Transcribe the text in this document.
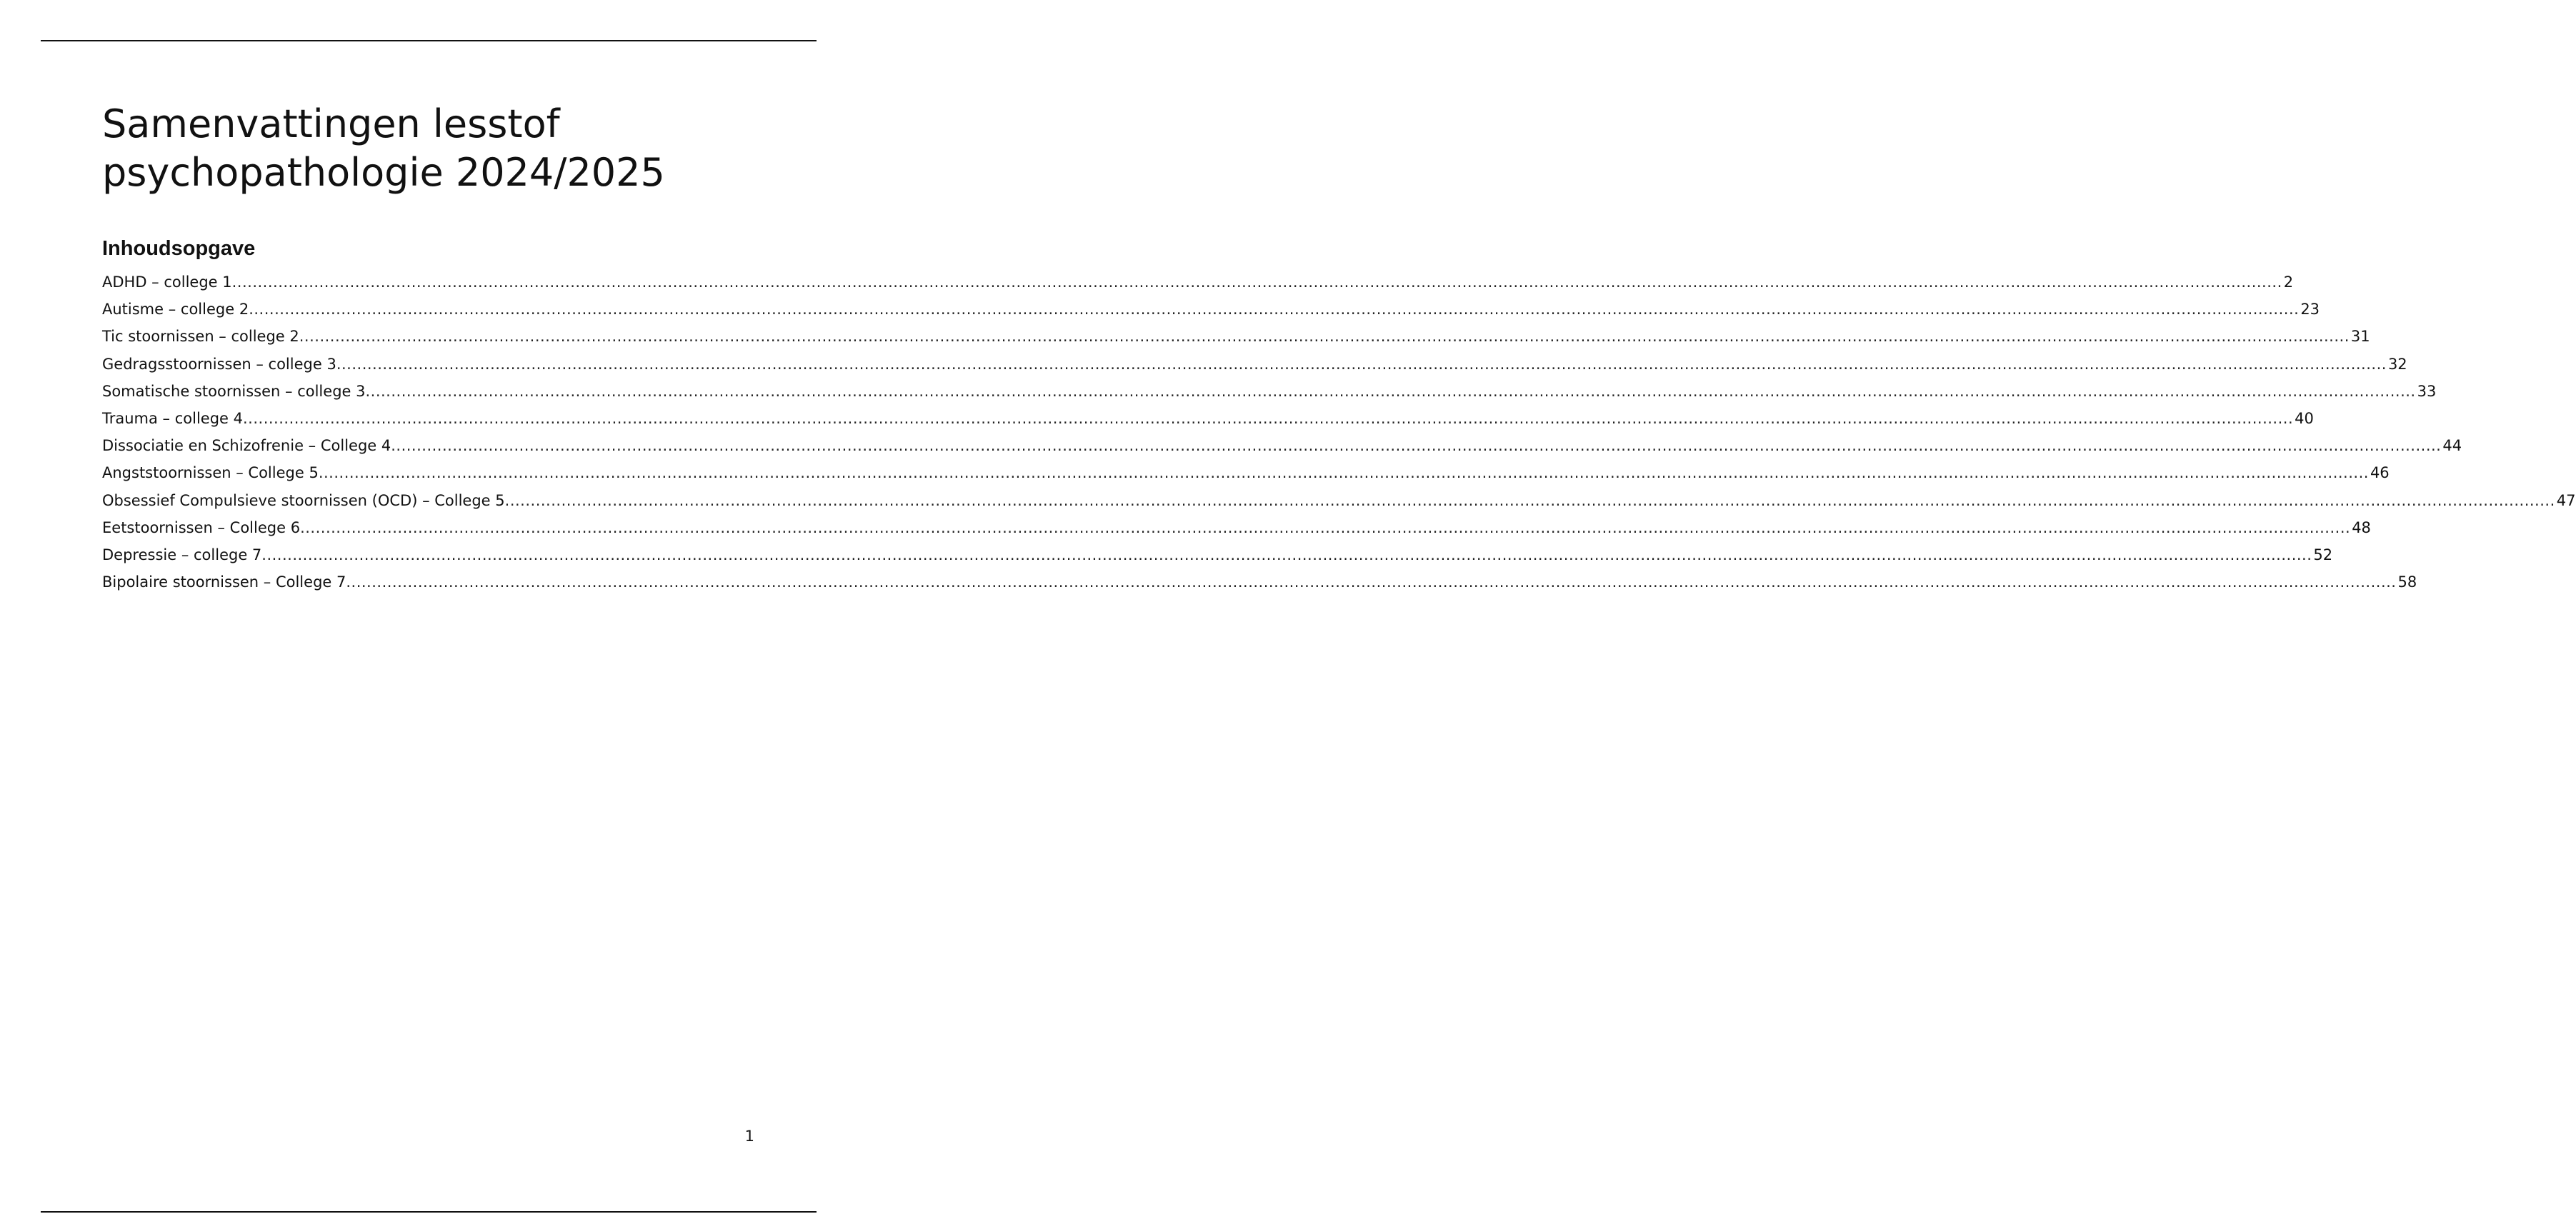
Samenvattingen lesstof
psychopathologie 2024/2025
Inhoudsopgave
ADHD – college 1 ................................................................................................................................................................................................................................................................................................................................................................................................................ 2
Autisme – college 2 ................................................................................................................................................................................................................................................................................................................................................................................................................ 23
Tic stoornissen – college 2 ................................................................................................................................................................................................................................................................................................................................................................................................................ 31
Gedragsstoornissen – college 3 ................................................................................................................................................................................................................................................................................................................................................................................................................ 32
Somatische stoornissen – college 3 ................................................................................................................................................................................................................................................................................................................................................................................................................ 33
Trauma – college 4 ................................................................................................................................................................................................................................................................................................................................................................................................................ 40
Dissociatie en Schizofrenie – College 4 ................................................................................................................................................................................................................................................................................................................................................................................................................ 44
Angststoornissen – College 5 ................................................................................................................................................................................................................................................................................................................................................................................................................ 46
Obsessief Compulsieve stoornissen (OCD) – College 5 ................................................................................................................................................................................................................................................................................................................................................................................................................ 47
Eetstoornissen – College 6 ................................................................................................................................................................................................................................................................................................................................................................................................................ 48
Depressie – college 7 ................................................................................................................................................................................................................................................................................................................................................................................................................ 52
Bipolaire stoornissen – College 7 ................................................................................................................................................................................................................................................................................................................................................................................................................ 58
1
